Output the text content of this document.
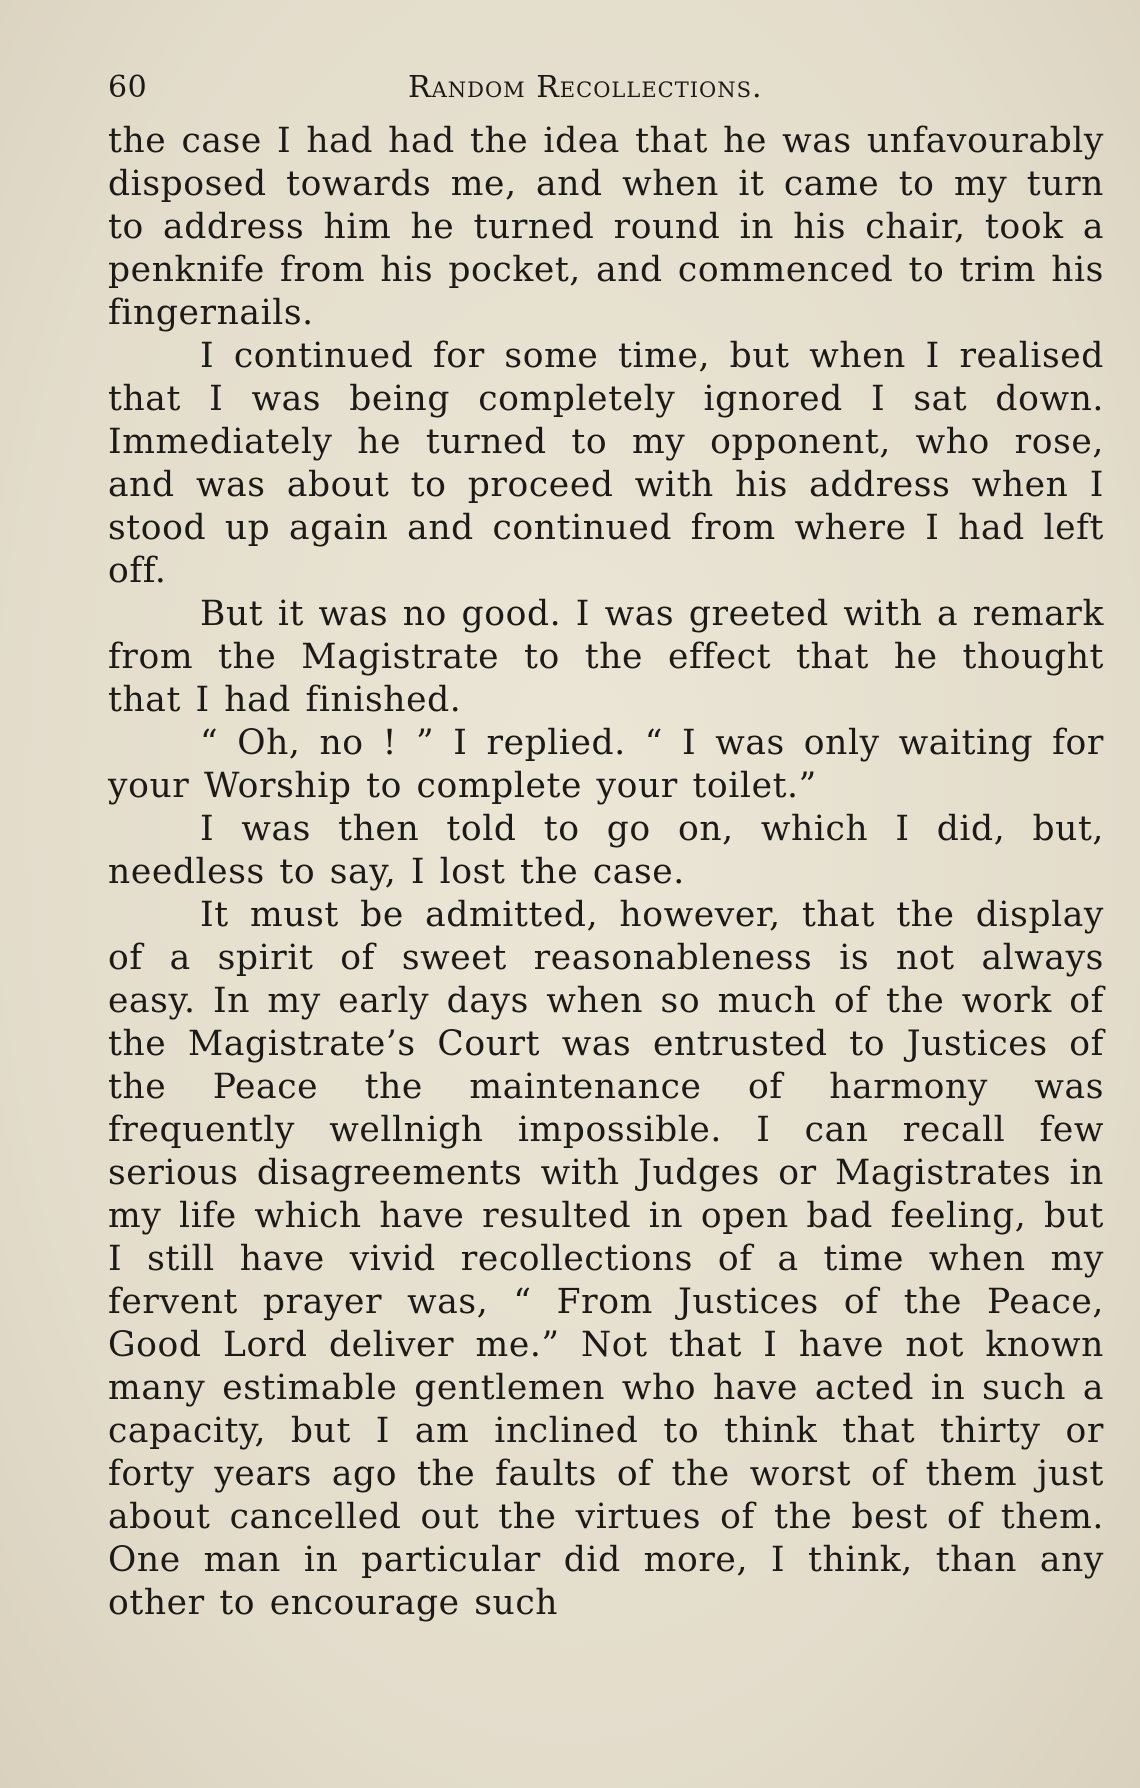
60	Random Recollections.

the case I had had the idea that he was unfavourably disposed towards me, and when it came to my turn to address him he turned round in his chair, took a penknife from his pocket, and commenced to trim his fingernails.

I continued for some time, but when I realised that I was being completely ignored I sat down. Immediately he turned to my opponent, who rose, and was about to proceed with his address when I stood up again and continued from where I had left off.

But it was no good. I was greeted with a remark from the Magistrate to the effect that he thought that I had finished.

“ Oh, no ! ” I replied. “ I was only waiting for your Worship to complete your toilet.”

I was then told to go on, which I did, but, needless to say, I lost the case.

It must be admitted, however, that the display of a spirit of sweet reasonableness is not always easy. In my early days when so much of the work of the Magistrate’s Court was entrusted to Justices of the Peace the maintenance of harmony was frequently wellnigh impossible. I can recall few serious disagreements with Judges or Magistrates in my life which have resulted in open bad feeling, but I still have vivid recollections of a time when my fervent prayer was, “ From Justices of the Peace, Good Lord deliver me.” Not that I have not known many estimable gentlemen who have acted in such a capacity, but I am inclined to think that thirty or forty years ago the faults of the worst of them just about cancelled out the virtues of the best of them. One man in particular did more, I think, than any other to encourage such
